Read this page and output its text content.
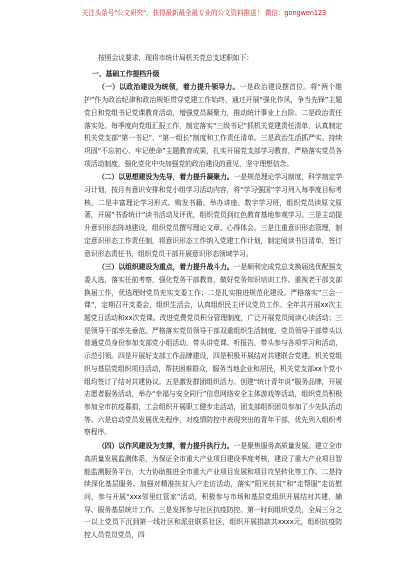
关注头条号"公文研究"，获得最新最全最专业的公文资料推送！ 微信：gongwen123

按照会议要求，现将市统计局机关党总支述职如下：

一、基础工作提档升级

（一）以政治建设为统领，着力提升领导力。一是政治建设摆首位。将“两个维护”作为政治纪律和政治规矩贯穿党建工作始终，通过开展“强化作风，争当先锋”主题党日和党组书记党课教育活动，增强党员凝聚力，推动统计事业上台阶。二是政治责任落实处。每季度向党组汇报工作，制定落实“三级书记”抓机关党建责任清单，认真制定机关党支部“第一书记”、“第一组长”制度和工作责任清单。三是政治生活抓严实。持续巩固“不忘初心、牢记使命”主题教育成果，扎实开展党支部学习教育，严格落实党员各项活动制度，强化党化中央加强党的政治建设的意见，坚守理想信念。

（二）以思想建设为先导，着力提升凝聚力。一是规范理论学习制度，科学制定学习计划，按月有意识安排和党小组学习活动内容，将“学习强国”学习列入每季度目标考核。二是丰富理论学习形式。购发书籍、举办讲座、数字学习班，组织党员读原文原著，开展“书香统计”读书活动及评优，组织党员到红色教育基地参观学习。三是主动提升意识形态阵地建设，组织党员撰写理论文章、心得体会。三是注重意识形态管理，制定意识形态工作责任制，将意识形态工作纳入党建工作计划，制定阅读书目清单，签订意识形态责任书，组织党员干部开展意识形态领域学习。

（三）以组织建设为重点，着力提升战斗力。一是顺利完成党总支换届选优配强支委人选，落实任前考察，强化党务干部教育，做好党务知识培训工作。重视老干部支部换届工作，优选理财党员充实支委工作；二是扎实推进规范化建设。严格落实“三会一课”，定期召开支委会，组织生活会，认真组织民主评议党员工作。全年共开展xx次主题党日活动和xx次党课。改进党费党员积分管理制度，广泛开展党员阅读心读活动；三是领导干部率先垂范。严格落实党员领导干部双重组织生活制度，党员领导干部带头以普通党员身份参加支部党小组活动，带头讲党课、听报告，带头参与各项学习和活动，示范引领。四是开展好支部工作品牌建设，四是积极开展结对共建联合党建。机关党组织与基层党组织项目活动，帮扶困难群众，服务当地企业和居民，机关党支部xx个党小组均签订了结对共建协议。五是激发群团组织活力。创建“统计青年说”服务品牌，开展志愿者服务活动，举办“幸福与安全同行”信息网络安全主体游戏等活动，组织党员积极参加全市抗疫募捐，工会组织开展职工健步走活动，团支部组织团员参加了少先队活动等。六是启动党员发展优先程序，对疫情防控中表现突出的青年干部，优先列入组织考察程序。

（四）以作风建设为支撑，着力提升执行力。一是聚焦服务高质量发展。建立全市高质量发展监测体系，为保证全市重大产业项目建设季度考核，建设了重大产业项目智能监测服务平台，大力协助推进全市重大产业项目发展和项目攻坚转化等工作。二是持续深化基层服务。加强对精准扶贫入户走访活动，落实“阳光扶贫”和“走帮服”走访慰问，参与开展“xxx邻里红管家”活动，积极参与市场和基层党组织开展结对共建，辅导、服务基层统计工作。三是发挥参与社区抗疫防控。第一时间组织党员，全局三分之一以上党员下沉到第一线社区和派驻联系社区，组织开展捐款共xxxx元，组织抗疫防控人员党员党员，四
